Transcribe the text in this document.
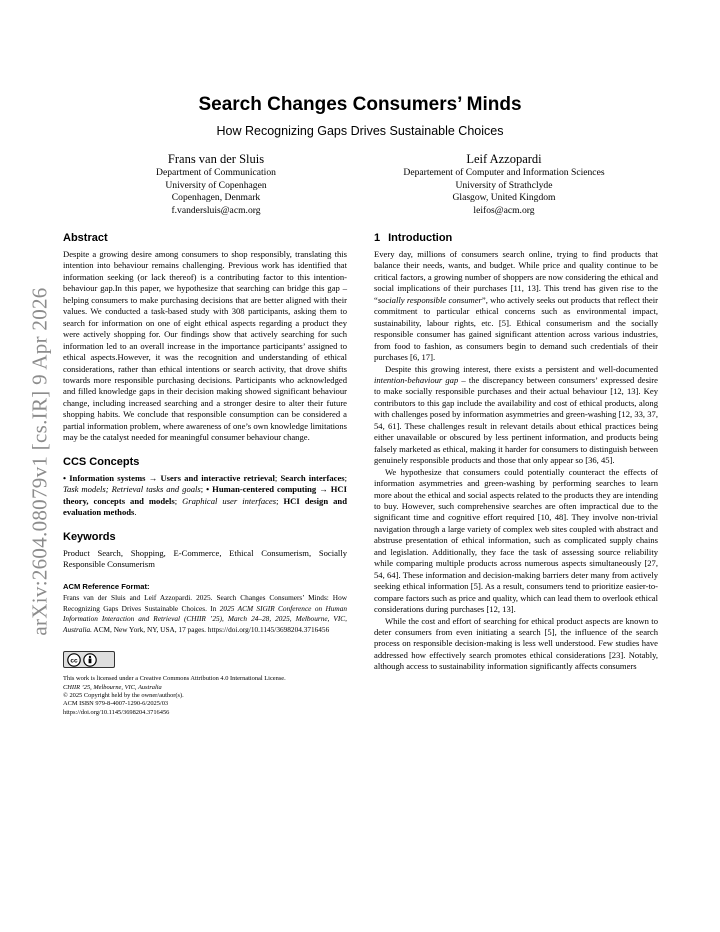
arXiv:2604.08079v1 [cs.IR] 9 Apr 2026
Search Changes Consumers’ Minds
How Recognizing Gaps Drives Sustainable Choices
Frans van der Sluis
Department of Communication
University of Copenhagen
Copenhagen, Denmark
f.vandersluis@acm.org
Leif Azzopardi
Departement of Computer and Information Sciences
University of Strathclyde
Glasgow, United Kingdom
leifos@acm.org
Abstract

Despite a growing desire among consumers to shop responsibly, translating this intention into behaviour remains challenging. Previous work has identified that information seeking (or lack thereof) is a contributing factor to this intention-behaviour gap.In this paper, we hypothesize that searching can bridge this gap – helping consumers to make purchasing decisions that are better aligned with their values. We conducted a task-based study with 308 participants, asking them to search for information on one of eight ethical aspects regarding a product they were actively shopping for. Our findings show that actively searching for such information led to an overall increase in the importance participants’ assigned to ethical aspects.However, it was the recognition and understanding of ethical considerations, rather than ethical intentions or search activity, that drove shifts towards more responsible purchasing decisions. Participants who acknowledged and filled knowledge gaps in their decision making showed significant behaviour change, including increased searching and a stronger desire to alter their future shopping habits. We conclude that responsible consumption can be considered a partial information problem, where awareness of one’s own knowledge limitations may be the catalyst needed for meaningful consumer behaviour change.

CCS Concepts
• Information systems → Users and interactive retrieval; Search interfaces; Task models; Retrieval tasks and goals; • Human-centered computing → HCI theory, concepts and models; Graphical user interfaces; HCI design and evaluation methods.
Keywords

Product Search, Shopping, E-Commerce, Ethical Consumerism, Socially Responsible Consumerism

ACM Reference Format:
Frans van der Sluis and Leif Azzopardi. 2025. Search Changes Consumers’ Minds: How Recognizing Gaps Drives Sustainable Choices. In 2025 ACM SIGIR Conference on Human Information Interaction and Retrieval (CHIIR ’25), March 24–28, 2025, Melbourne, VIC, Australia. ACM, New York, NY, USA, 17 pages. https://doi.org/10.1145/3698204.3716456
cc
This work is licensed under a Creative Commons Attribution 4.0 International License.
CHIIR ’25, Melbourne, VIC, Australia
© 2025 Copyright held by the owner/author(s).
ACM ISBN 979-8-4007-1290-6/2025/03
https://doi.org/10.1145/3698204.3716456
1 Introduction

Every day, millions of consumers search online, trying to find products that balance their needs, wants, and budget. While price and quality continue to be critical factors, a growing number of shoppers are now considering the ethical and social implications of their purchases [11, 13]. This trend has given rise to the “socially responsible consumer”, who actively seeks out products that reflect their commitment to particular ethical concerns such as environmental impact, sustainability, labour rights, etc. [5]. Ethical consumerism and the socially responsible consumer has gained significant attention across various industries, from food to fashion, as consumers begin to demand such credentials of their purchases [6, 17].

Despite this growing interest, there exists a persistent and well-documented intention-behaviour gap – the discrepancy between consumers’ expressed desire to make socially responsible purchases and their actual behaviour [12, 13]. Key contributors to this gap include the availability and cost of ethical products, along with challenges posed by information asymmetries and green-washing [12, 33, 37, 54, 61]. These challenges result in relevant details about ethical practices being either unavailable or obscured by less pertinent information, and products being falsely marketed as ethical, making it harder for consumers to distinguish between genuinely responsible products and those that only appear so [36, 45].

We hypothesize that consumers could potentially counteract the effects of information asymmetries and green-washing by performing searches to learn more about the ethical and social aspects related to the products they are intending to buy. However, such comprehensive searches are often impractical due to the significant time and cognitive effort required [10, 48]. They involve non-trivial navigation through a large variety of complex web sites coupled with abstract and abstruse presentation of ethical information, such as complicated supply chains and legislation. Additionally, they face the task of assessing source reliability while comparing multiple products across numerous aspects simultaneously [27, 54, 64]. These information and decision-making barriers deter many from actively seeking ethical information [5]. As a result, consumers tend to prioritize easier-to-compare factors such as price and quality, which can lead them to overlook ethical considerations during purchases [12, 13].

While the cost and effort of searching for ethical product aspects are known to deter consumers from even initiating a search [5], the influence of the search process on responsible decision-making is less well understood. Few studies have addressed how effectively search promotes ethical considerations [23]. Notably, although access to sustainability information significantly affects consumers
